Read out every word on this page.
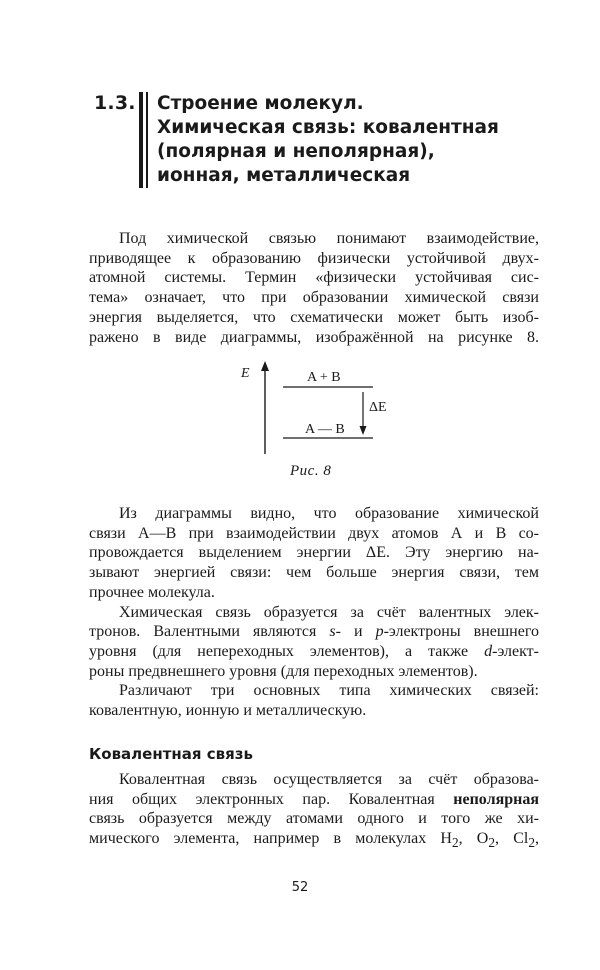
1.3. Строение молекул.
Химическая связь: ковалентная
(полярная и неполярная),
ионная, металлическая
Под химической связью понимают взаимодействие,
приводящее к образованию физически устойчивой двух-
атомной системы. Термин «физически устойчивая сис-
тема» означает, что при образовании химической связи
энергия выделяется, что схематически может быть изоб-
ражено в виде диаграммы, изображённой на рисунке 8.
E	A + B
ΔE
A — B
Рис. 8
Из диаграммы видно, что образование химической
связи А—В при взаимодействии двух атомов А и В со-
провождается выделением энергии ΔE. Эту энергию на-
зывают энергией связи: чем больше энергия связи, тем
прочнее молекула.
Химическая связь образуется за счёт валентных элек-
тронов. Валентными являются s- и p-электроны внешнего
уровня (для непереходных элементов), а также d-элект-
роны предвнешнего уровня (для переходных элементов).
Различают три основных типа химических связей:
ковалентную, ионную и металлическую.
Ковалентная связь
Ковалентная связь осуществляется за счёт образова-
ния общих электронных пар. Ковалентная неполярная
связь образуется между атомами одного и того же хи-
мического элемента, например в молекулах $H_2$, $O_2$, $Cl_2$,
52
